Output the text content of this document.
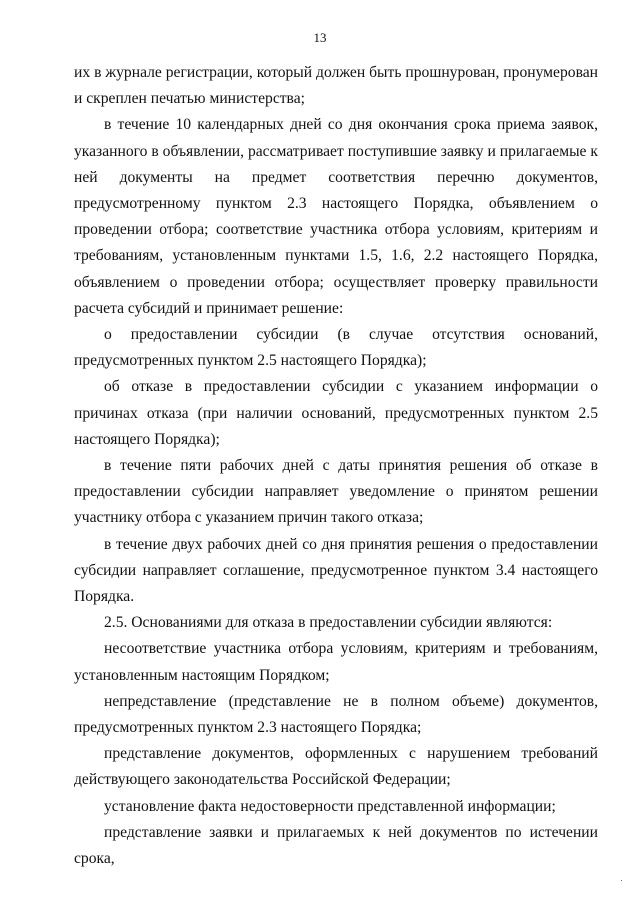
13

их в журнале регистрации, который должен быть прошнурован, пронумерован и скреплен печатью министерства;

в течение 10 календарных дней со дня окончания срока приема заявок, указанного в объявлении, рассматривает поступившие заявку и прилагаемые к ней документы на предмет соответствия перечню документов, предусмотренному пунктом 2.3 настоящего Порядка, объявлением о проведении отбора; соответствие участника отбора условиям, критериям и требованиям, установленным пунктами 1.5, 1.6, 2.2 настоящего Порядка, объявлением о проведении отбора; осуществляет проверку правильности расчета субсидий и принимает решение:

о предоставлении субсидии (в случае отсутствия оснований, предусмотренных пунктом 2.5 настоящего Порядка);

об отказе в предоставлении субсидии с указанием информации о причинах отказа (при наличии оснований, предусмотренных пунктом 2.5 настоящего Порядка);

в течение пяти рабочих дней с даты принятия решения об отказе в предоставлении субсидии направляет уведомление о принятом решении участнику отбора с указанием причин такого отказа;

в течение двух рабочих дней со дня принятия решения о предоставлении субсидии направляет соглашение, предусмотренное пунктом 3.4 настоящего Порядка.

2.5. Основаниями для отказа в предоставлении субсидии являются:

несоответствие участника отбора условиям, критериям и требованиям, установленным настоящим Порядком;

непредставление (представление не в полном объеме) документов, предусмотренных пунктом 2.3 настоящего Порядка;

представление документов, оформленных с нарушением требований действующего законодательства Российской Федерации;

установление факта недостоверности представленной информации;

представление заявки и прилагаемых к ней документов по истечении срока,
